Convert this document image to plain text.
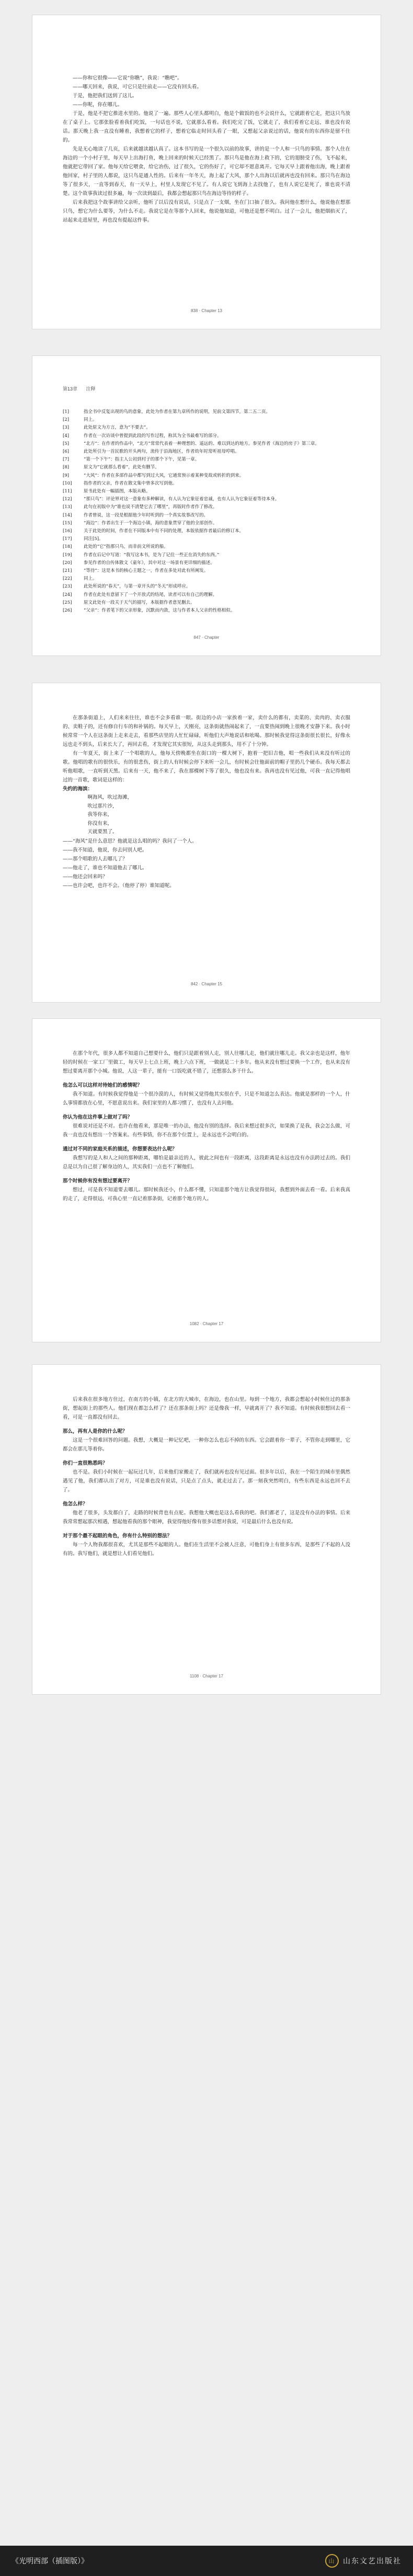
——你和它很像——它说“你瞧”，我说：“瞧吧”。

——哪天回来，我说，可它只是往前走——它没有回头看。

于是，他把我们送到了这儿。

——你呢，你在哪儿。

于是，他是不把它推进水里的。他说了一遍。那些人心里头都明白，他是个做饭的也不会说什么，它就跟着它走，把这只鸟放在了桌子上。它那张脸看着我们吃饭，一句话也不说，它就那么看着。我们吃完了饭，它就走了，我们看着它走远，谁也没有说话。那天晚上我一直没有睡着，我想着它的样子，想着它临走时回头看了一眼，又想起父亲说过的话，他说有的东西你是留不住的。

先是无心地读了几页，后来就越读越认真了。这本书写的是一个很久以前的故事，讲的是一个人和一只鸟的事情。那个人住在海边的一个小村子里，每天早上出海打鱼，晚上回来的时候天已经黑了。那只鸟是他在海上救下的，它的翅膀受了伤，飞不起来，他就把它带回了家。他每天给它喂食，给它治伤，过了很久，它的伤好了，可它却不愿意离开。它每天早上跟着他出海，晚上跟着他回家，村子里的人都说，这只鸟是通人性的。后来有一年冬天，海上起了大风，那个人出海以后就再也没有回来。那只鸟在海边等了很多天，一直等到春天，有一天早上，村里人发现它不见了。有人说它飞到海上去找他了，也有人说它是死了，谁也说不清楚。这个故事我读过很多遍，每一次读到最后，我都会想起那只鸟在海边等待的样子。

后来我把这个故事讲给父亲听，他听了以后没有说话，只是点了一支烟，坐在门口抽了很久。我问他在想什么，他说他在想那只鸟，想它为什么要等，为什么不走。我说它是在等那个人回来，他说他知道，可他还是想不明白。过了一会儿，他把烟掐灭了，站起来走进屋里，再也没有提起这件事。

838 · Chapter 13
第13章 注释
[1]	指全书中反复出现的鸟的意象，此处为作者在第九章所作的说明，见前文第四节，第二五二页。
[2]	同上。
[3]	此处原文为方言，意为“不要去”。
[4]	作者在一次访谈中曾提到此段的写作过程，称其为全书最难写的部分。
[5]	“北方”：在作者的作品中，“北方”常常代表着一种理想的、遥远的、难以到达的地方。参见作者《海边的房子》第三章。
[6]	此处所引为一首民歌的开头两句，流传于沿海地区，作者幼年时常听祖母哼唱。
[7]	“第一个下午”：指主人公初到村子的那个下午，见第一章。
[8]	原文为“它就那么看着”，此处有删节。
[9]	“大风”：作者在多部作品中都写到过大风，它通常预示着某种变故或转折的到来。
[10]	指作者的父亲，作者在散文集中曾多次写到他。
[11]	原书此处有一幅插图，本版从略。
[12]	“那只鸟”：评论界对这一意象有多种解读，有人认为它象征着忠诚，也有人认为它象征着等待本身。
[13]	此句在初版中为“谁也说不清楚它去了哪里”，再版时作者作了修改。
[14]	作者曾说，这一段是根据他少年时听到的一个真实故事改写的。
[15]	“海边”：作者出生于一个海边小镇，海的意象贯穿了他的全部创作。
[16]	关于此处的时间，作者在不同版本中有不同的处理，本版依据作者最后的修订本。
[17]	同注[5]。
[18]	此处的“它”指那只鸟，而非前文所说的船。
[19]	作者在后记中写道：“我写这本书，是为了记住一些正在消失的东西。”
[20]	参见作者的自传体散文《童年》，其中对这一场景有更详细的描述。
[21]	“等待”：这是本书的核心主题之一，作者在多处对此有所阐发。
[22]	同上。
[23]	此处所说的“春天”，与第一章开头的“冬天”形成呼应。
[24]	作者在此处有意留下了一个开放式的结尾，读者可以有自己的理解。
[25]	原文此处有一段关于天气的描写，本版据作者意见删去。
[26]	“父亲”：作者笔下的父亲形象，沉默而内敛，这与作者本人父亲的性格相似。
847 · Chapter

在那条街道上，人们来来往往，谁也不会多看谁一眼。街边的小店一家挨着一家，卖什么的都有，卖菜的、卖肉的、卖衣服的、卖鞋子的，还有修自行车的和补锅的。每天早上，天刚亮，这条街就热闹起来了，一直要热闹到晚上很晚才安静下来。我小时候常常一个人在这条街上走来走去，看那些店里的人忙忙碌碌，听他们大声地说话和吆喝。那时候我觉得这条街很长很长，好像永远也走不到头，后来长大了，再回去看，才发现它其实很短，从这头走到那头，用不了十分钟。

有一年夏天，街上来了一个唱歌的人，他每天傍晚都坐在街口的一棵大树下，抱着一把旧吉他，唱一些我们从来没有听过的歌。他唱的歌有的很快乐，有的很悲伤，街上的人有时候会停下来听一会儿，有时候会往他面前的帽子里扔几个硬币。我每天都去听他唱歌，一直听到天黑。后来有一天，他不来了，我在那棵树下等了很久，他也没有来。我再也没有见过他，可我一直记得他唱过的一首歌，歌词是这样的：

失约的海滨：

啊海风，吹过海滩，

吹过那片沙，

我等你来，

你没有来，

天就要黑了。

——“海风”是什么意思？他就是这么唱的吗？我问了一个人。

——我不知道，他说，你去问别人吧。

——那个唱歌的人去哪儿了？

——他走了，谁也不知道他去了哪儿。

——他还会回来吗？

——也许会吧，也许不会。（他停了停）谁知道呢。

842 · Chapter 15

在那个年代，很多人都不知道自己想要什么，他们只是跟着别人走，别人往哪儿走，他们就往哪儿走。我父亲也是这样，他年轻的时候在一家工厂里做工，每天早上七点上班，晚上六点下班，一做就是二十多年。他从来没有想过要换一个工作，也从来没有想过要离开那个小城。他说，人这一辈子，能有一口饭吃就不错了，还想那么多干什么。

他怎么可以这样对待她们的感情呢？

我不知道。有时候我觉得他是一个很冷漠的人，有时候又觉得他其实很在乎，只是不知道怎么表达。他就是那样的一个人，什么事情都放在心里，不愿意说出来。我们家里的人都习惯了，也没有人去问他。

你认为他在这件事上做对了吗？

很难说对还是不对。也许在他看来，那是唯一的办法，他没有别的选择。我后来想过很多次，如果换了是我，我会怎么做，可我一直也没有想出一个答案来。有些事情，你不在那个位置上，是永远也不会明白的。

通过对不同的家庭关系的描述，你想要表达什么呢？

我想写的是人和人之间的那种距离，哪怕是最亲近的人，彼此之间也有一段距离，这段距离是永远也没有办法跨过去的。我们总是以为自己很了解身边的人，其实我们一点也不了解他们。

那个时候你有没有想过要离开？

想过，可是我不知道要去哪儿。那时候我还小，什么都不懂，只知道那个地方让我觉得很闷，我想到外面去看一看。后来我真的走了，走得很远，可我心里一直记着那条街，记着那个地方的人。

1082 · Chapter 17

后来我在很多地方住过，在南方的小镇，在北方的大城市，在海边，也在山里。每到一个地方，我都会想起小时候住过的那条街，想起街上的那些人。他们现在都怎么样了？还在那条街上吗？还是像我一样，早就离开了？我不知道。有时候我很想回去看一看，可是一直都没有回去。

那么，再有人是你的什么呢？

这是一个很难回答的问题。我想，大概是一种记忆吧，一种你怎么也忘不掉的东西。它会跟着你一辈子，不管你走到哪里，它都会在那儿等着你。

你们一直很熟悉吗？

也不是。我们小时候在一起玩过几年，后来他们家搬走了，我们就再也没有见过面。很多年以后，我在一个陌生的城市里偶然遇见了他，我们都认出了对方，可是谁也没有说话，只是点了点头，就走过去了。那一刻我突然明白，有些东西是永远也回不去了。

他怎么样？

他老了很多，头发都白了，走路的时候背也有点驼。我想他大概也是这么看我的吧。我们都老了，这是没有办法的事情。后来我常常想起那次相遇，想起他看我的那个眼神，我觉得他好像有很多话想对我说，可是最后什么也没有说。

对于那个最不起眼的角色，你有什么特别的想法？

每一个人物我都很喜欢，尤其是那些不起眼的人。他们在生活里不会被人注意，可他们身上有很多东西，是那些了不起的人没有的。我写他们，就是想让人们看见他们。

1108 · Chapter 17
《光明西部（插图版）》	山	山东文艺出版社
